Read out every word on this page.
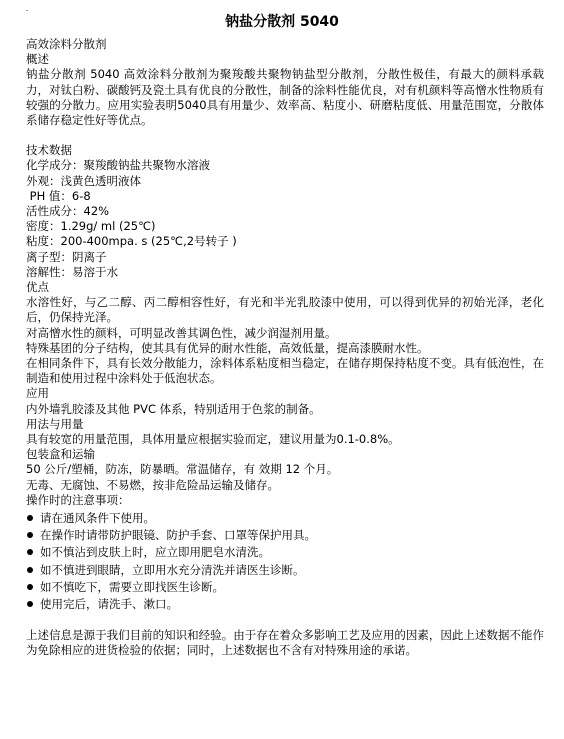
-
钠盐分散剂 5040
高效涂料分散剂
概述
钠盐分散剂 5040 高效涂料分散剂为聚羧酸共聚物钠盐型分散剂，分散性极佳，有最大的颜料承载力，对钛白粉、碳酸钙及瓷土具有优良的分散性，制备的涂料性能优良，对有机颜料等高憎水性物质有较强的分散力。应用实验表明5040具有用量少、效率高、粘度小、研磨粘度低、用量范围宽，分散体系储存稳定性好等优点。
技术数据
化学成分：聚羧酸钠盐共聚物水溶液
外观：浅黄色透明液体
PH 值：6-8
活性成分：42%
密度：1.29g/ ml (25℃)
粘度：200-400mpa. s (25℃,2号转子 )
离子型：阴离子
溶解性：易溶于水
优点
水溶性好，与乙二醇、丙二醇相容性好，有光和半光乳胶漆中使用，可以得到优异的初始光泽，老化后，仍保持光泽。
对高憎水性的颜料，可明显改善其调色性，减少润湿剂用量。
特殊基团的分子结构，使其具有优异的耐水性能，高效低量，提高漆膜耐水性。
在相同条件下，具有长效分散能力，涂料体系粘度相当稳定，在储存期保持粘度不变。具有低泡性，在制造和使用过程中涂料处于低泡状态。
应用
内外墙乳胶漆及其他 PVC 体系，特别适用于色浆的制备。
用法与用量
具有较宽的用量范围，具体用量应根据实验而定，建议用量为0.1-0.8%。
包装盒和运输
50 公斤/塑桶，防冻，防暴晒。常温储存，有 效期 12 个月。
无毒、无腐蚀、不易燃，按非危险品运输及储存。
操作时的注意事项：
请在通风条件下使用。
在操作时请带防护眼镜、防护手套、口罩等保护用具。
如不慎沾到皮肤上时，应立即用肥皂水清洗。
如不慎进到眼睛，立即用水充分清洗并请医生诊断。
如不慎吃下，需要立即找医生诊断。
使用完后，请洗手、漱口。
上述信息是源于我们目前的知识和经验。由于存在着众多影响工艺及应用的因素，因此上述数据不能作为免除相应的进货检验的依据；同时，上述数据也不含有对特殊用途的承诺。
